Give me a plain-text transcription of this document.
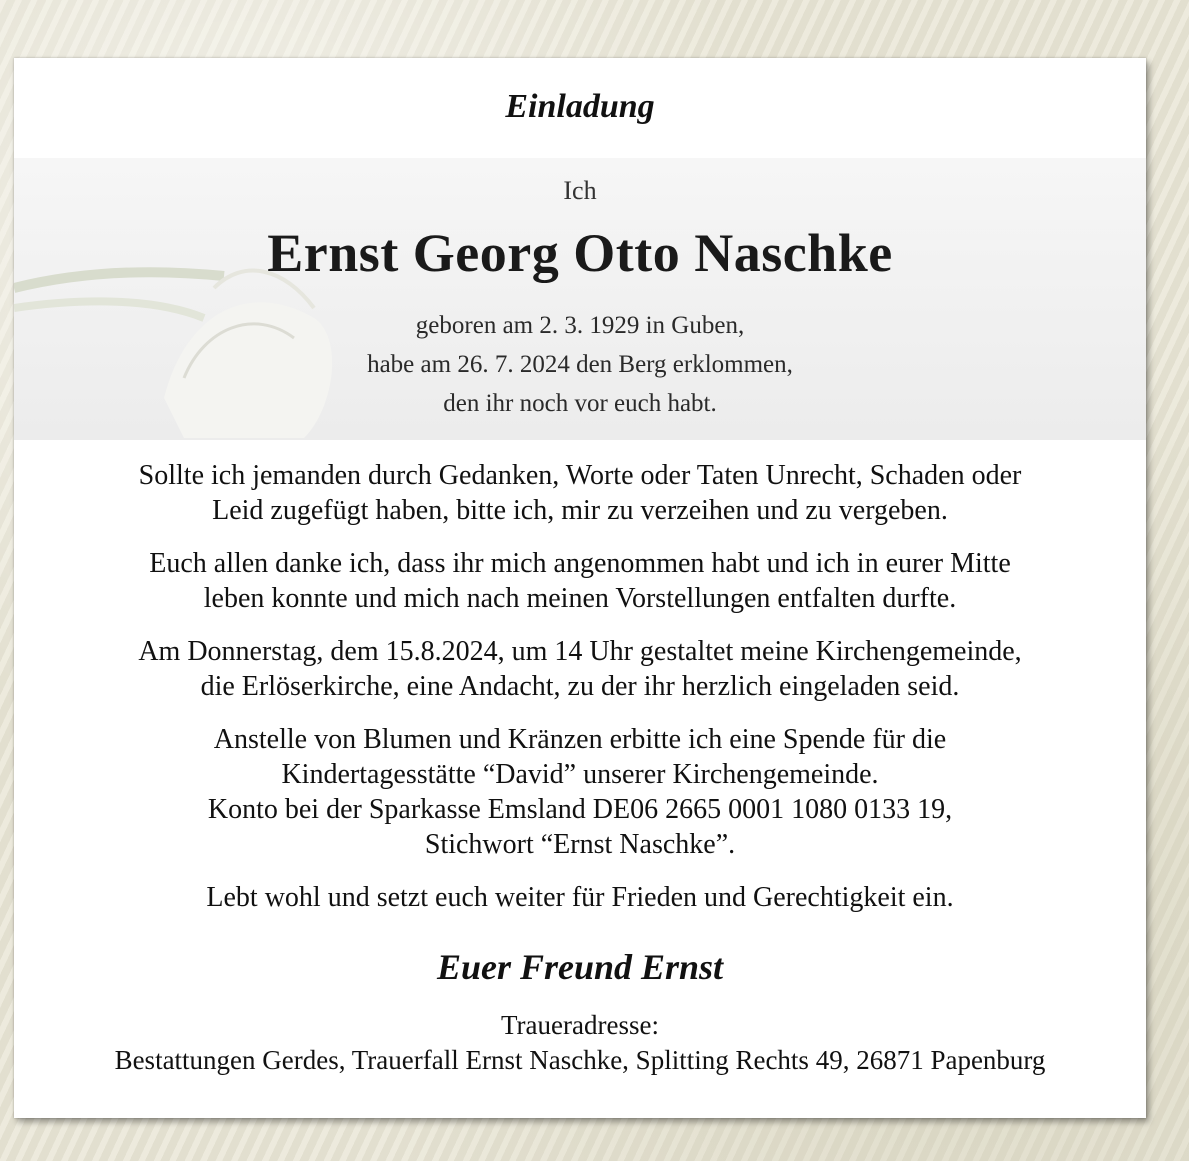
Einladung
Ich
Ernst Georg Otto Naschke
geboren am 2. 3. 1929 in Guben,
habe am 26. 7. 2024 den Berg erklommen,
den ihr noch vor euch habt.

Sollte ich jemanden durch Gedanken, Worte oder Taten Unrecht, Schaden oder
Leid zugefügt haben, bitte ich, mir zu verzeihen und zu vergeben.

Euch allen danke ich, dass ihr mich angenommen habt und ich in eurer Mitte
leben konnte und mich nach meinen Vorstellungen entfalten durfte.

Am Donnerstag, dem 15.8.2024, um 14 Uhr gestaltet meine Kirchengemeinde,
die Erlöserkirche, eine Andacht, zu der ihr herzlich eingeladen seid.

Anstelle von Blumen und Kränzen erbitte ich eine Spende für die
Kindertagesstätte “David” unserer Kirchengemeinde.
Konto bei der Sparkasse Emsland DE06 2665 0001 1080 0133 19,
Stichwort “Ernst Naschke”.

Lebt wohl und setzt euch weiter für Frieden und Gerechtigkeit ein.

Euer Freund Ernst
Traueradresse:
Bestattungen Gerdes, Trauerfall Ernst Naschke, Splitting Rechts 49, 26871 Papenburg
